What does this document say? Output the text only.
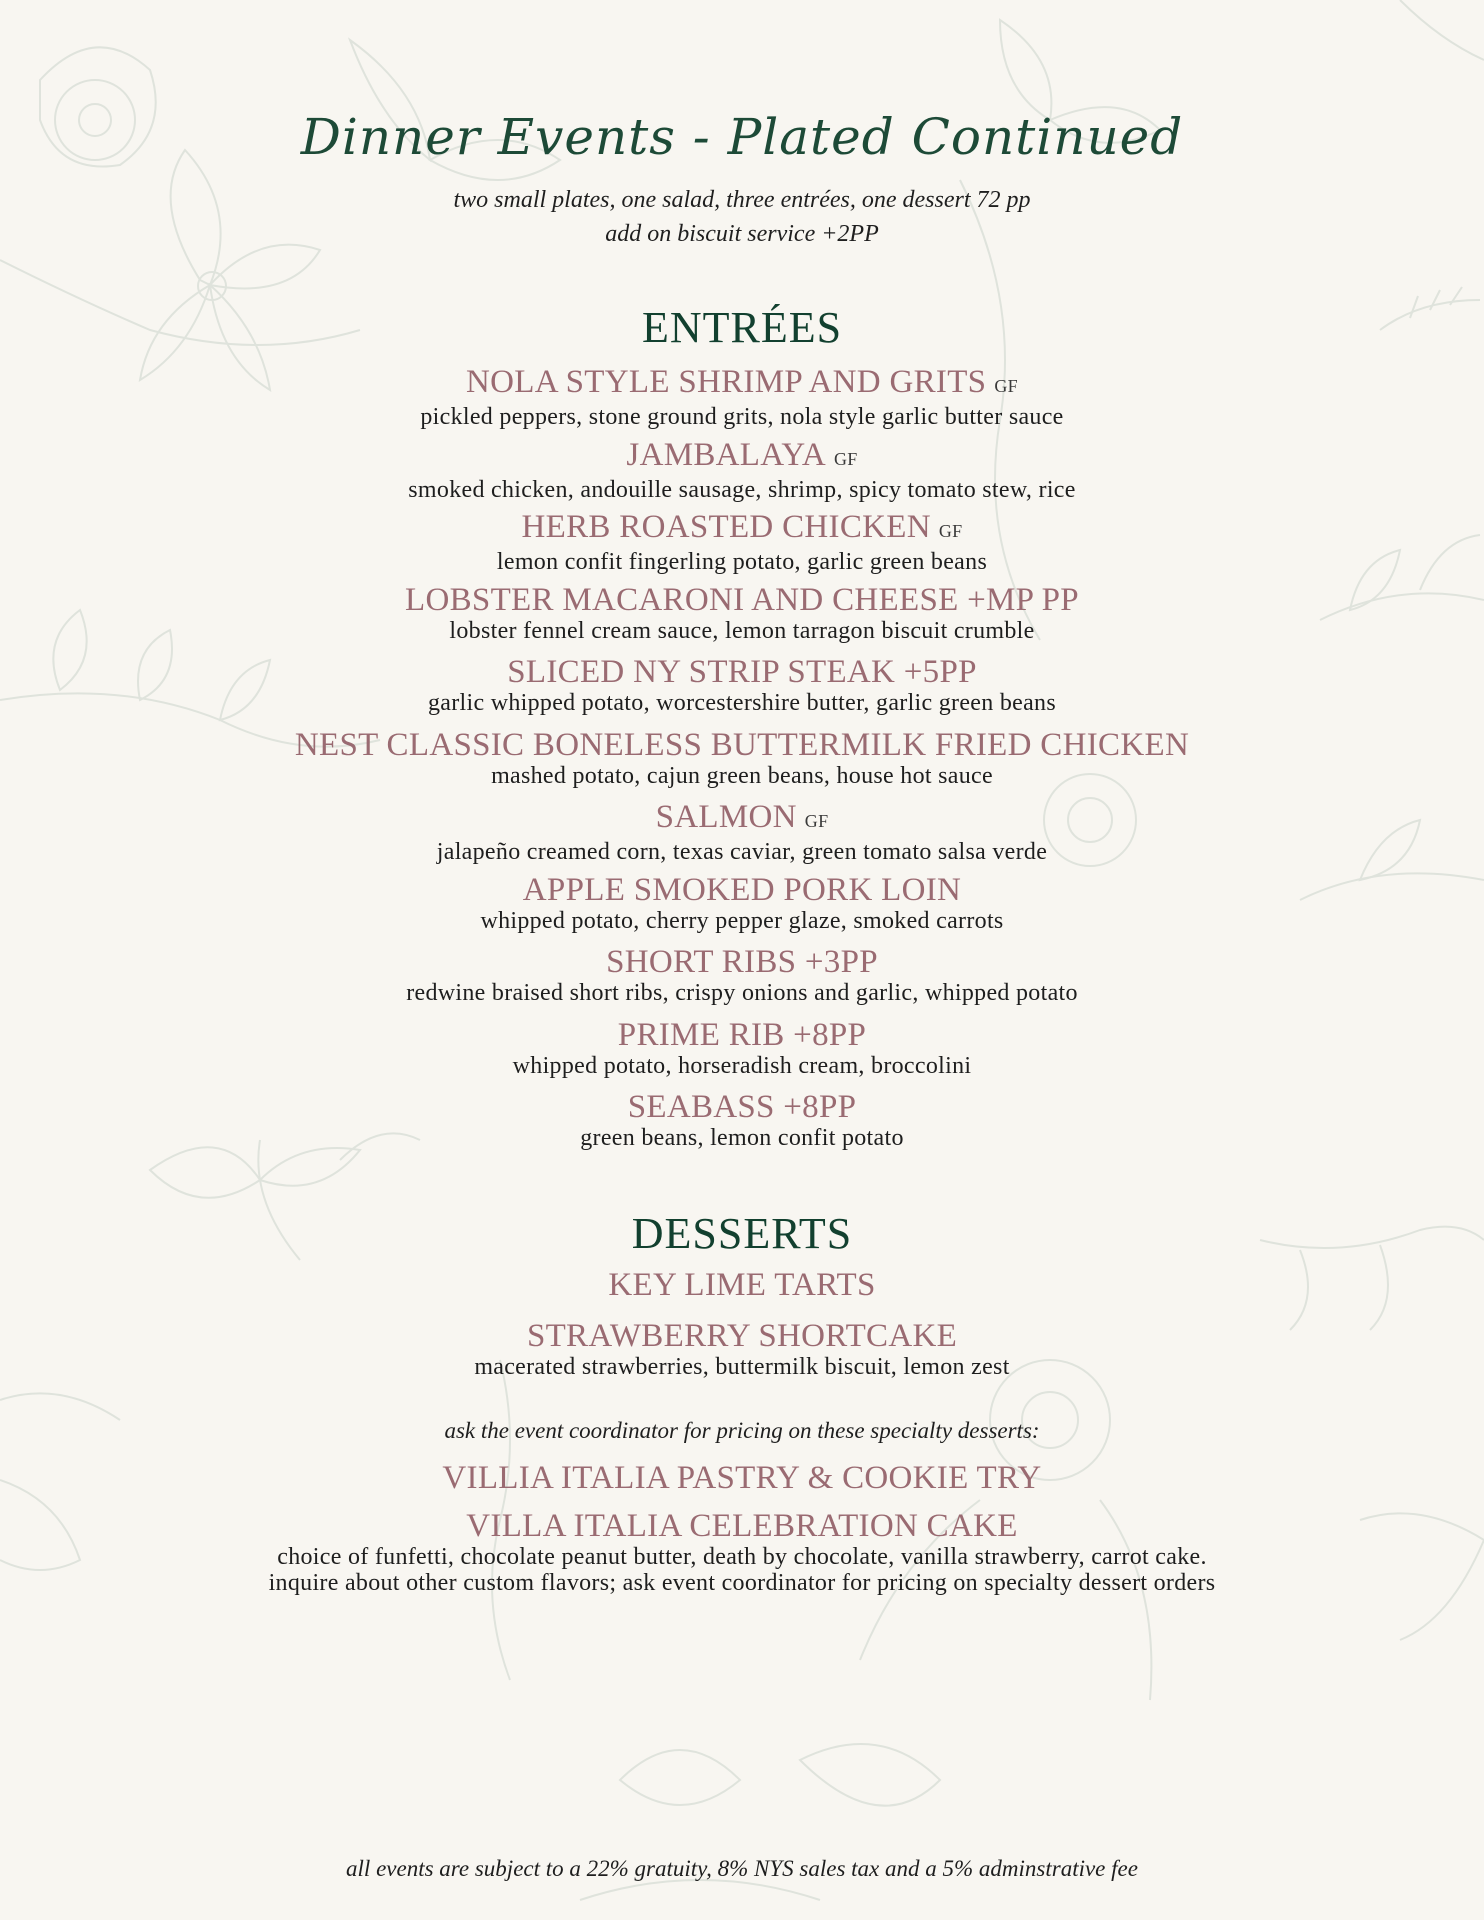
Dinner Events - Plated Continued
two small plates, one salad, three entrées, one dessert 72 pp
add on biscuit service +2PP
ENTRÉES
NOLA STYLE SHRIMP AND GRITS GF
pickled peppers, stone ground grits, nola style garlic butter sauce
JAMBALAYA GF
smoked chicken, andouille sausage, shrimp, spicy tomato stew, rice
HERB ROASTED CHICKEN GF
lemon confit fingerling potato, garlic green beans
LOBSTER MACARONI AND CHEESE +MP PP
lobster fennel cream sauce, lemon tarragon biscuit crumble
SLICED NY STRIP STEAK +5PP
garlic whipped potato, worcestershire butter, garlic green beans
NEST CLASSIC BONELESS BUTTERMILK FRIED CHICKEN
mashed potato, cajun green beans, house hot sauce
SALMON GF
jalapeño creamed corn, texas caviar, green tomato salsa verde
APPLE SMOKED PORK LOIN
whipped potato, cherry pepper glaze, smoked carrots
SHORT RIBS +3PP
redwine braised short ribs, crispy onions and garlic, whipped potato
PRIME RIB +8PP
whipped potato, horseradish cream, broccolini
SEABASS +8PP
green beans, lemon confit potato
DESSERTS
KEY LIME TARTS
STRAWBERRY SHORTCAKE
macerated strawberries, buttermilk biscuit, lemon zest
ask the event coordinator for pricing on these specialty desserts:
VILLIA ITALIA PASTRY & COOKIE TRY
VILLA ITALIA CELEBRATION CAKE
choice of funfetti, chocolate peanut butter, death by chocolate, vanilla strawberry, carrot cake.
inquire about other custom flavors; ask event coordinator for pricing on specialty dessert orders
all events are subject to a 22% gratuity, 8% NYS sales tax and a 5% adminstrative fee
